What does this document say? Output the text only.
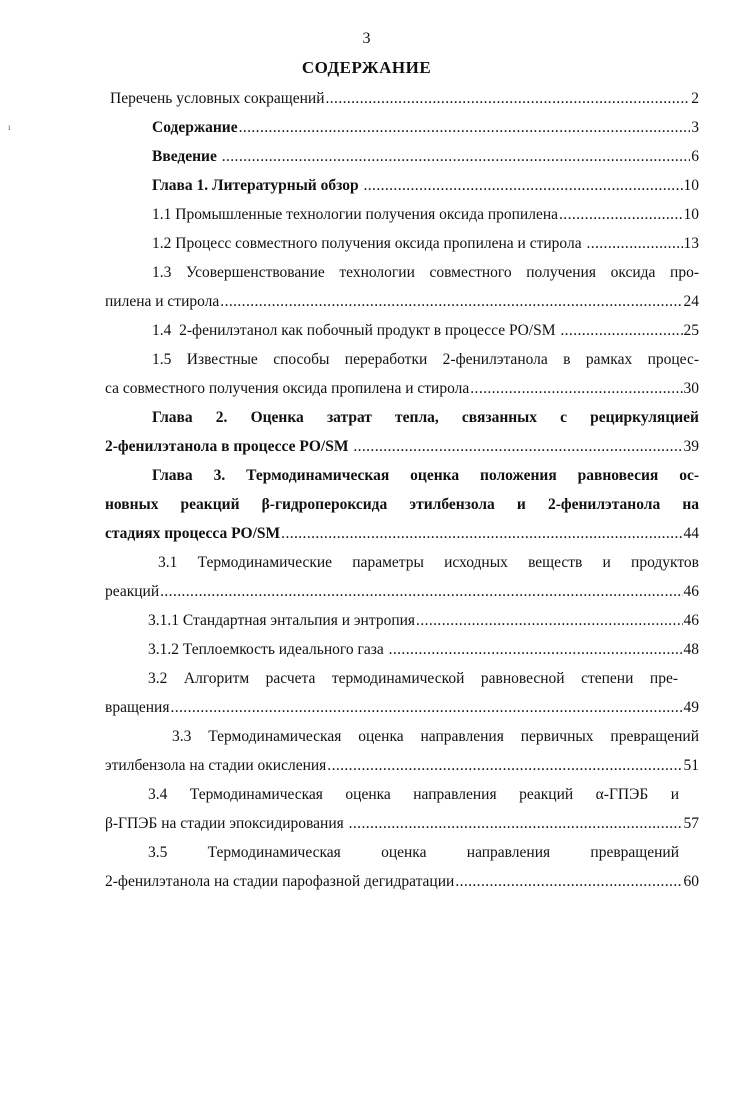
ı
3
СОДЕРЖАНИЕ
Перечень условных сокращений .....	2
Содержание .....	3
Введение .....	6
Глава 1. Литературный обзор .....	10
1.1 Промышленные технологии получения оксида пропилена .....	10
1.2 Процесс совместного получения оксида пропилена и стирола .....	13
1.3 Усовершенствование технологии совместного получения оксида про-
пилена и стирола .....	24
1.4  2-фенилэтанол как побочный продукт в процессе PO/SM .....	25
1.5 Известные способы переработки 2-фенилэтанола в рамках процес-
са совместного получения оксида пропилена и стирола .....	30
Глава 2. Оценка затрат тепла, связанных с рециркуляцией
2-фенилэтанола в процессе PO/SM .....	39
Глава 3. Термодинамическая оценка положения равновесия ос-
новных реакций β-гидропероксида этилбензола и 2-фенилэтанола на
стадиях процесса PO/SM .....	44
3.1 Термодинамические параметры исходных веществ и продуктов
реакций .....	46
3.1.1 Стандартная энтальпия и энтропия .....	46
3.1.2 Теплоемкость идеального газа .....	48
3.2 Алгоритм расчета термодинамической равновесной степени пре-
вращения .....	49
3.3 Термодинамическая оценка направления первичных превращений
этилбензола на стадии окисления .....	51
3.4 Термодинамическая оценка направления реакций α-ГПЭБ и
β-ГПЭБ на стадии эпоксидирования .....	57
3.5 Термодинамическая оценка направления превращений
2-фенилэтанола на стадии парофазной дегидратации .....	60
